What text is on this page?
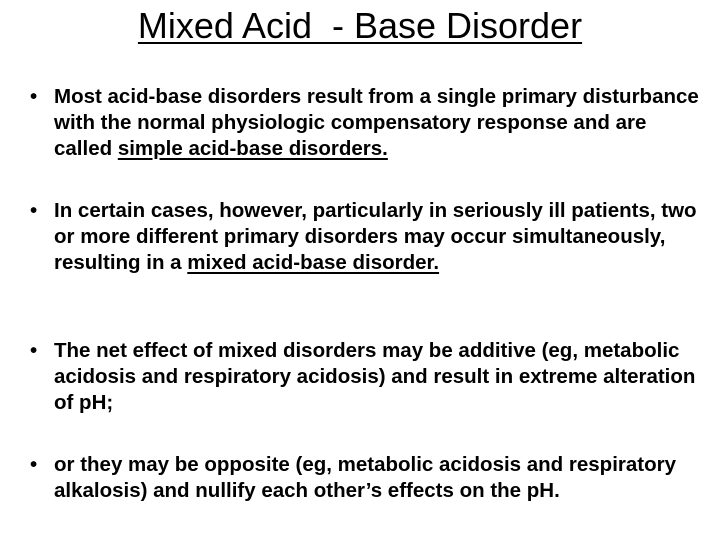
Mixed Acid  - Base Disorder
• Most acid-base disorders result from a single primary disturbance with the normal physiologic compensatory response and are called simple acid-base disorders.
• In certain cases, however, particularly in seriously ill patients, two or more different primary disorders may occur simultaneously, resulting in a mixed acid-base disorder.
• The net effect of mixed disorders may be additive (eg, metabolic acidosis and respiratory acidosis) and result in extreme alteration of pH;
• or they may be opposite (eg, metabolic acidosis and respiratory alkalosis) and nullify each other’s effects on the pH.
